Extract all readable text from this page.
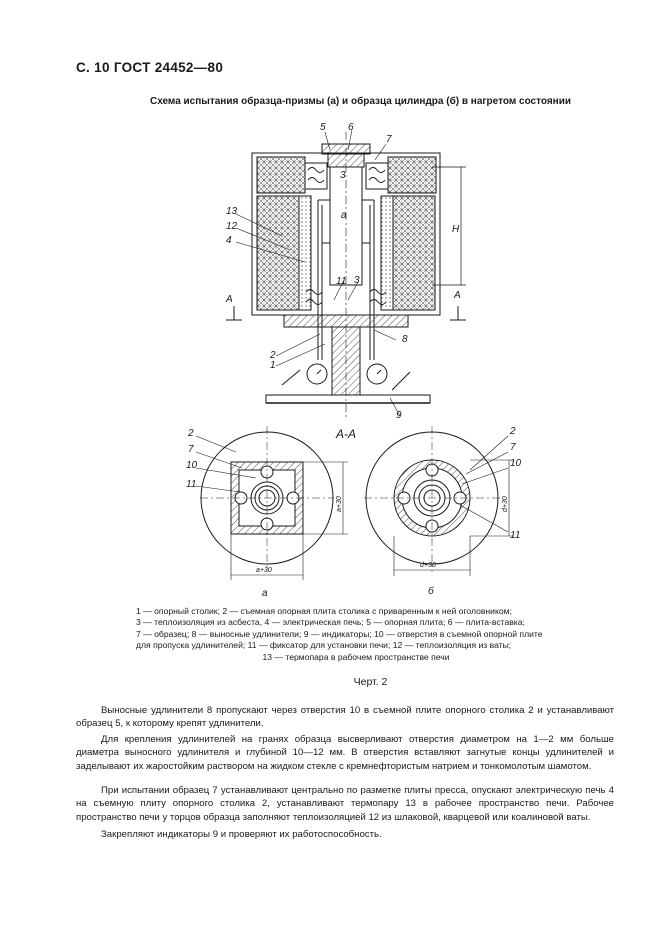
С. 10 ГОСТ 24452—80
Схема испытания образца-призмы (а) и образца цилиндра (б) в нагретом состоянии
5 6
7
13
12
4
11 3
2
1
8
9
3
a
H
A	A
А-А
2
7
10
11
a+30
a+30
а
2
7
10
11
d+30
d+30
б
1 — опорный столик; 2 — съемная опорная плита столика с приваренным к ней оголовником;
3 — теплоизоляция из асбеста, 4 — электрическая печь; 5 — опорная плита; 6 — плита-вставка;
7 — образец; 8 — выносные удлинители; 9 — индикаторы; 10 — отверстия в съемной опорной плите
для пропуска удлинителей; 11 — фиксатор для установки печи; 12 — теплоизоляция из ваты;
13 — термопара в рабочем пространстве печи
Черт. 2

Выносные удлинители 8 пропускают через отверстия 10 в съемной плите опорного столика 2 и устанавливают образец 5, к которому крепят удлинители.

Для крепления удлинителей на гранях образца высверливают отверстия диаметром на 1—2 мм больше диаметра выносного удлинителя и глубиной 10—12 мм. В отверстия вставляют загнутые концы удлинителей и заделывают их жаростойким раствором на жидком стекле с кремнефтористым натрием и тонкомолотым шамотом.

При испытании образец 7 устанавливают центрально по разметке плиты пресса, опускают электрическую печь 4 на съемную плиту опорного столика 2, устанавливают термопару 13 в рабочее пространство печи. Рабочее пространство печи у торцов образца заполняют теплоизоляцией 12 из шлаковой, кварцевой или коалиновой ваты.

Закрепляют индикаторы 9 и проверяют их работоспособность.
